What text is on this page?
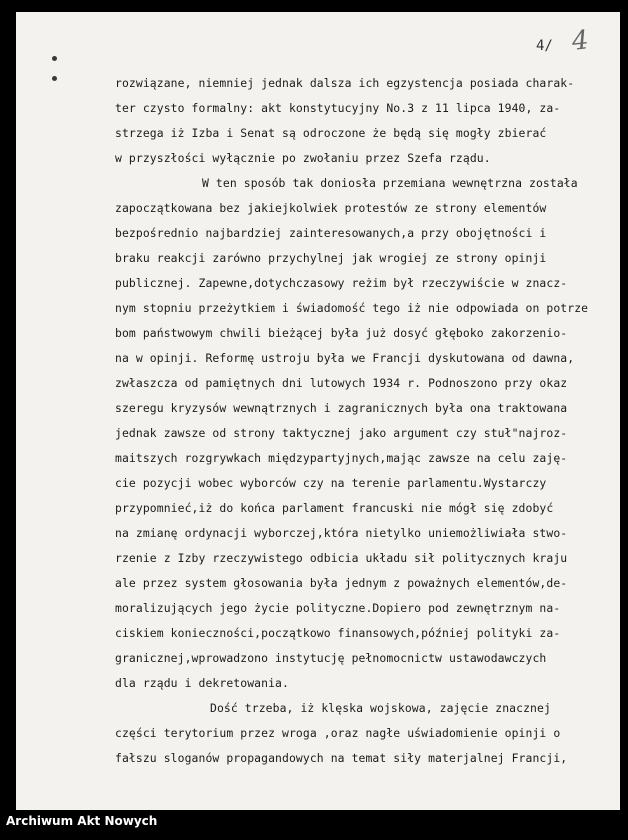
4/ 4
rozwiązane, niemniej jednak dalsza ich egzystencja posiada charak-
ter czysto formalny: akt konstytucyjny No.3 z 11 lipca 1940, za-
strzega iż Izba i Senat są odroczone że będą się mogły zbierać
w przyszłości wyłącznie po zwołaniu przez Szefa rządu.
W ten sposób tak doniosła przemiana wewnętrzna została
zapoczątkowana bez jakiejkolwiek protestów ze strony elementów
bezpośrednio najbardziej zainteresowanych,a przy obojętności i
braku reakcji zarówno przychylnej jak wrogiej ze strony opinji
publicznej. Zapewne,dotychczasowy reżim był rzeczywiście w znacz-
nym stopniu przeżytkiem i świadomość tego iż nie odpowiada on potrze
bom państwowym chwili bieżącej była już dosyć głęboko zakorzenio-
na w opinji. Reformę ustroju była we Francji dyskutowana od dawna,
zwłaszcza od pamiętnych dni lutowych 1934 r. Podnoszono przy okaz
szeregu kryzysów wewnątrznych i zagranicznych była ona traktowana
jednak zawsze od strony taktycznej jako argument czy stuł"najroz-
maitszych rozgrywkach międzypartyjnych,mając zawsze na celu zaję-
cie pozycji wobec wyborców czy na terenie parlamentu.Wystarczy
przypomnieć,iż do końca parlament francuski nie mógł się zdobyć
na zmianę ordynacji wyborczej,która nietylko uniemożliwiała stwo-
rzenie z Izby rzeczywistego odbicia układu sił politycznych kraju
ale przez system głosowania była jednym z poważnych elementów,de-
moralizujących jego życie polityczne.Dopiero pod zewnętrznym na-
ciskiem konieczności,początkowo finansowych,później polityki za-
granicznej,wprowadzono instytucję pełnomocnictw ustawodawczych
dla rządu i dekretowania.
Dość trzeba, iż klęska wojskowa, zajęcie znacznej
części terytorium przez wroga ,oraz nagłe uświadomienie opinji o
fałszu sloganów propagandowych na temat siły materjalnej Francji,
Archiwum Akt Nowych
